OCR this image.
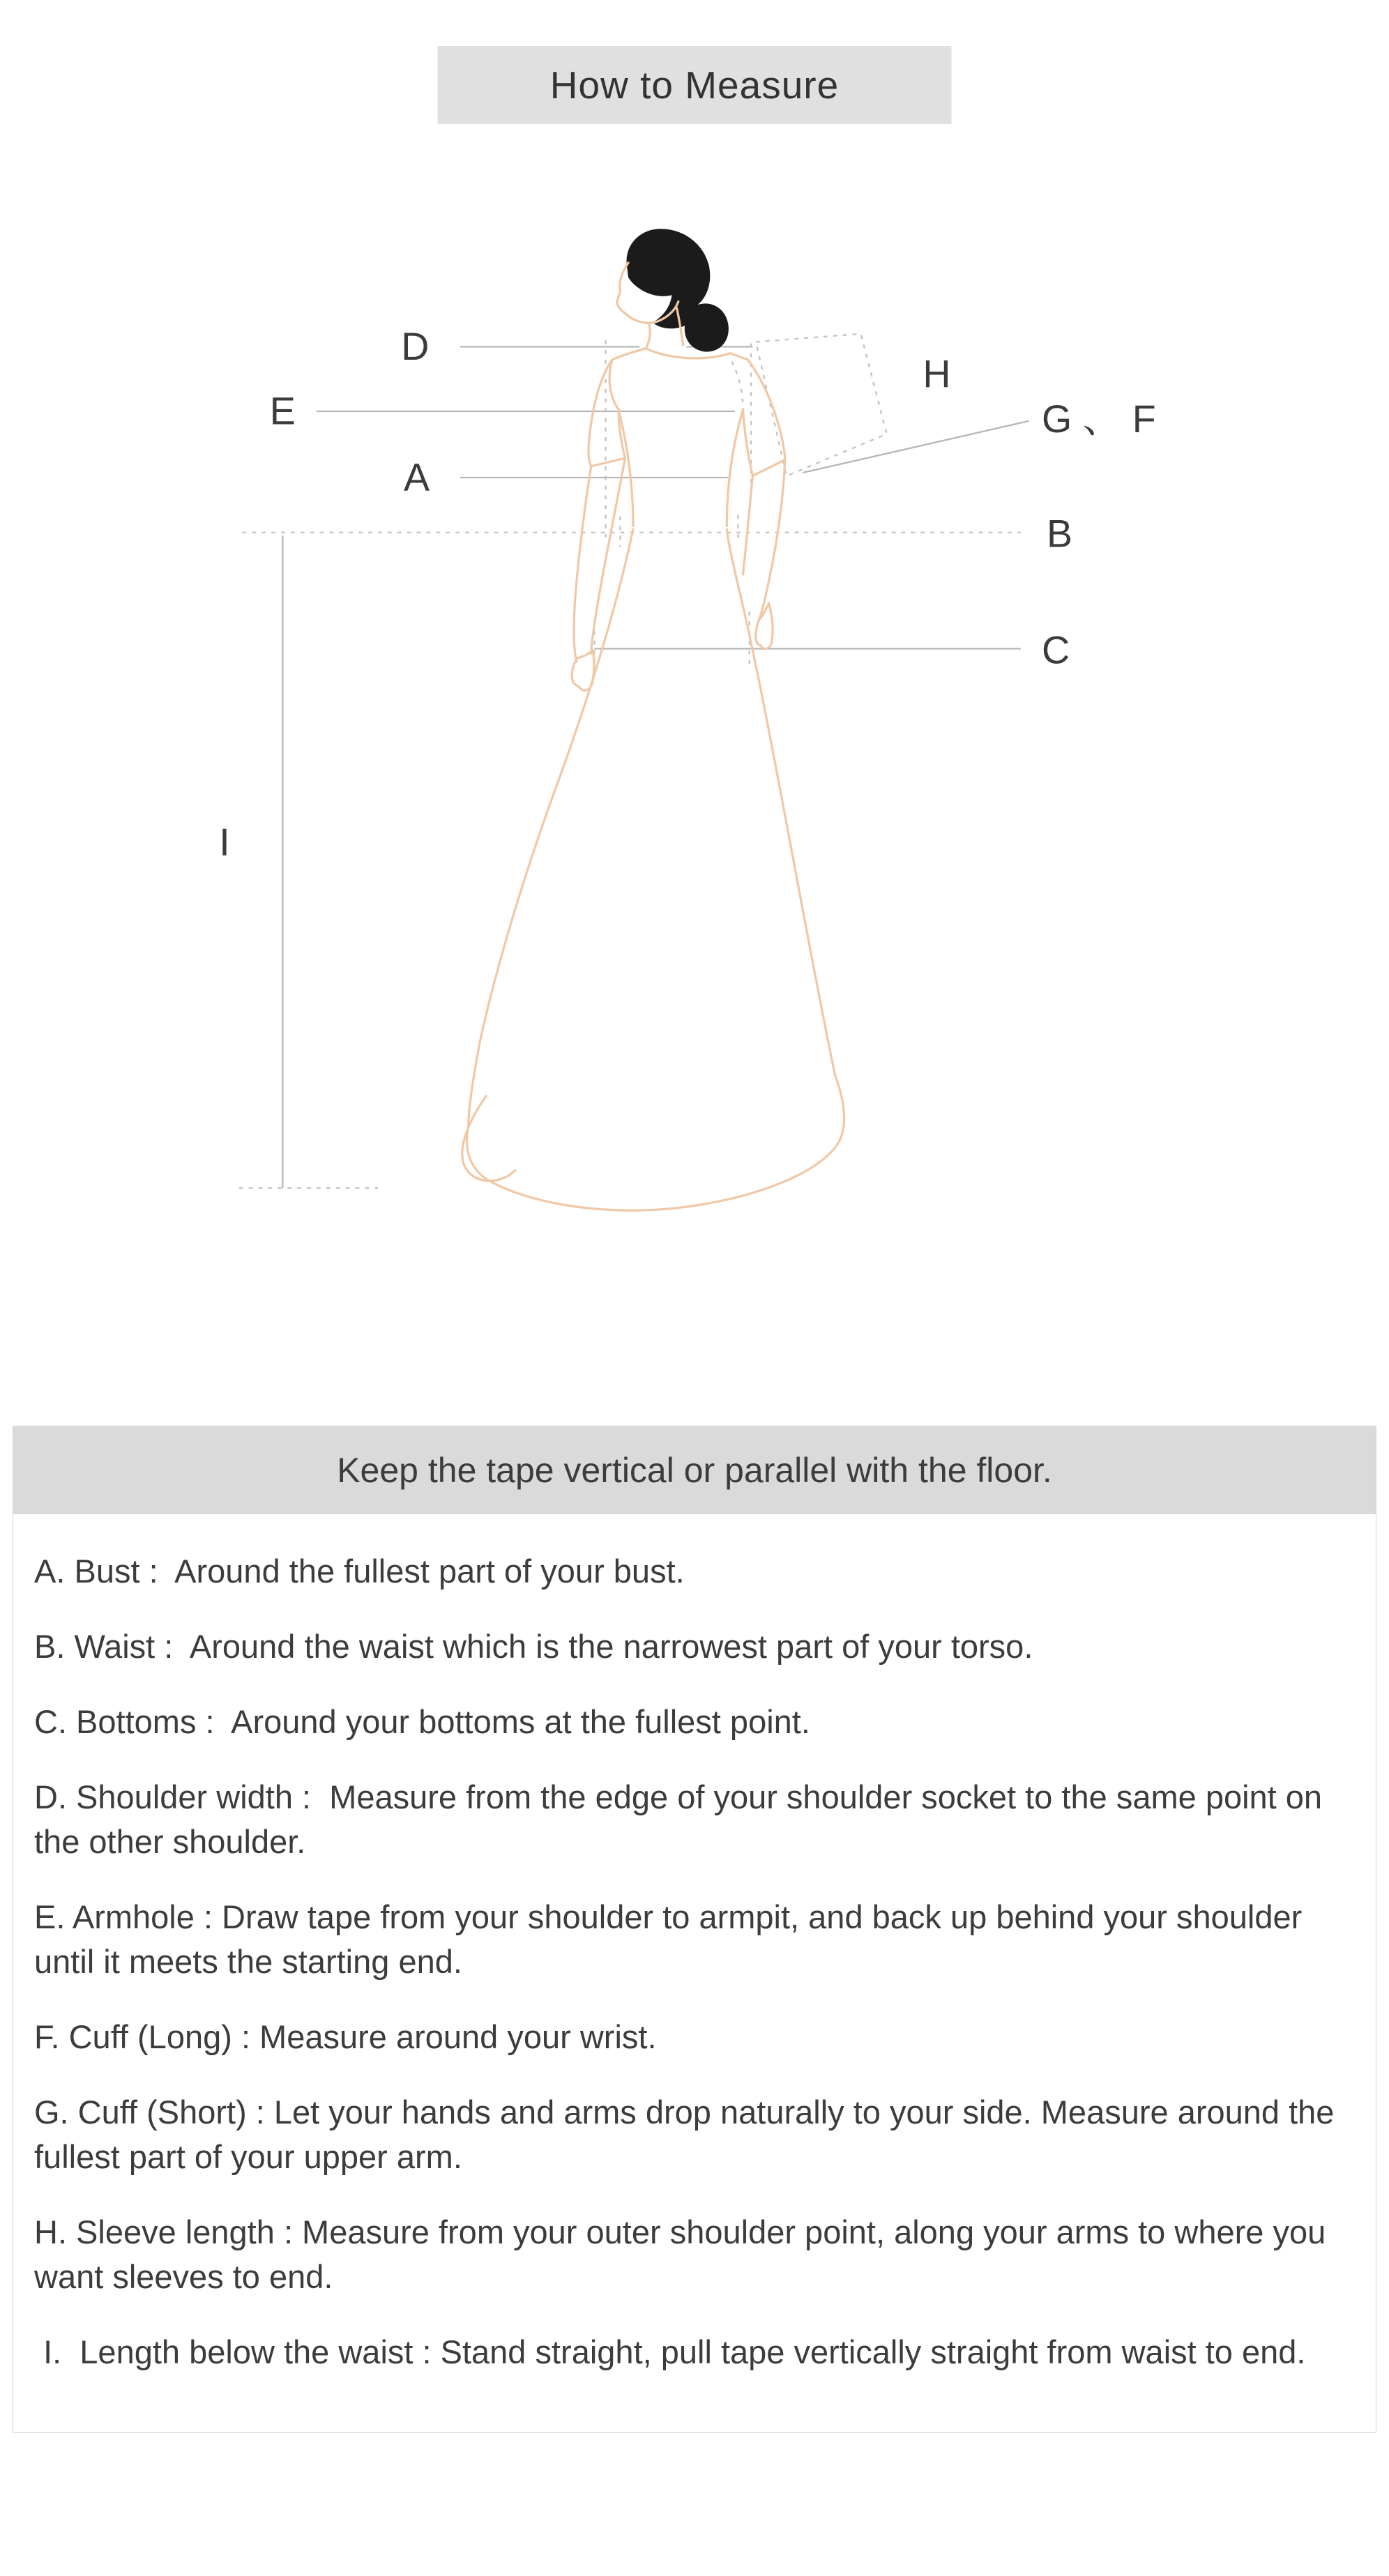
How to Measure
D
E
A
H
G 、 F
B
C
I
Keep the tape vertical or parallel with the floor.

A. Bust :  Around the fullest part of your bust.

B. Waist :  Around the waist which is the narrowest part of your torso.

C. Bottoms :  Around your bottoms at the fullest point.

D. Shoulder width :  Measure from the edge of your shoulder socket to the same point on the other shoulder.

E. Armhole : Draw tape from your shoulder to armpit, and back up behind your shoulder until it meets the starting end.

F. Cuff (Long) : Measure around your wrist.

G. Cuff (Short) : Let your hands and arms drop naturally to your side. Measure around the fullest part of your upper arm.

H. Sleeve length : Measure from your outer shoulder point, along your arms to where you want sleeves to end.

I.  Length below the waist : Stand straight, pull tape vertically straight from waist to end.
